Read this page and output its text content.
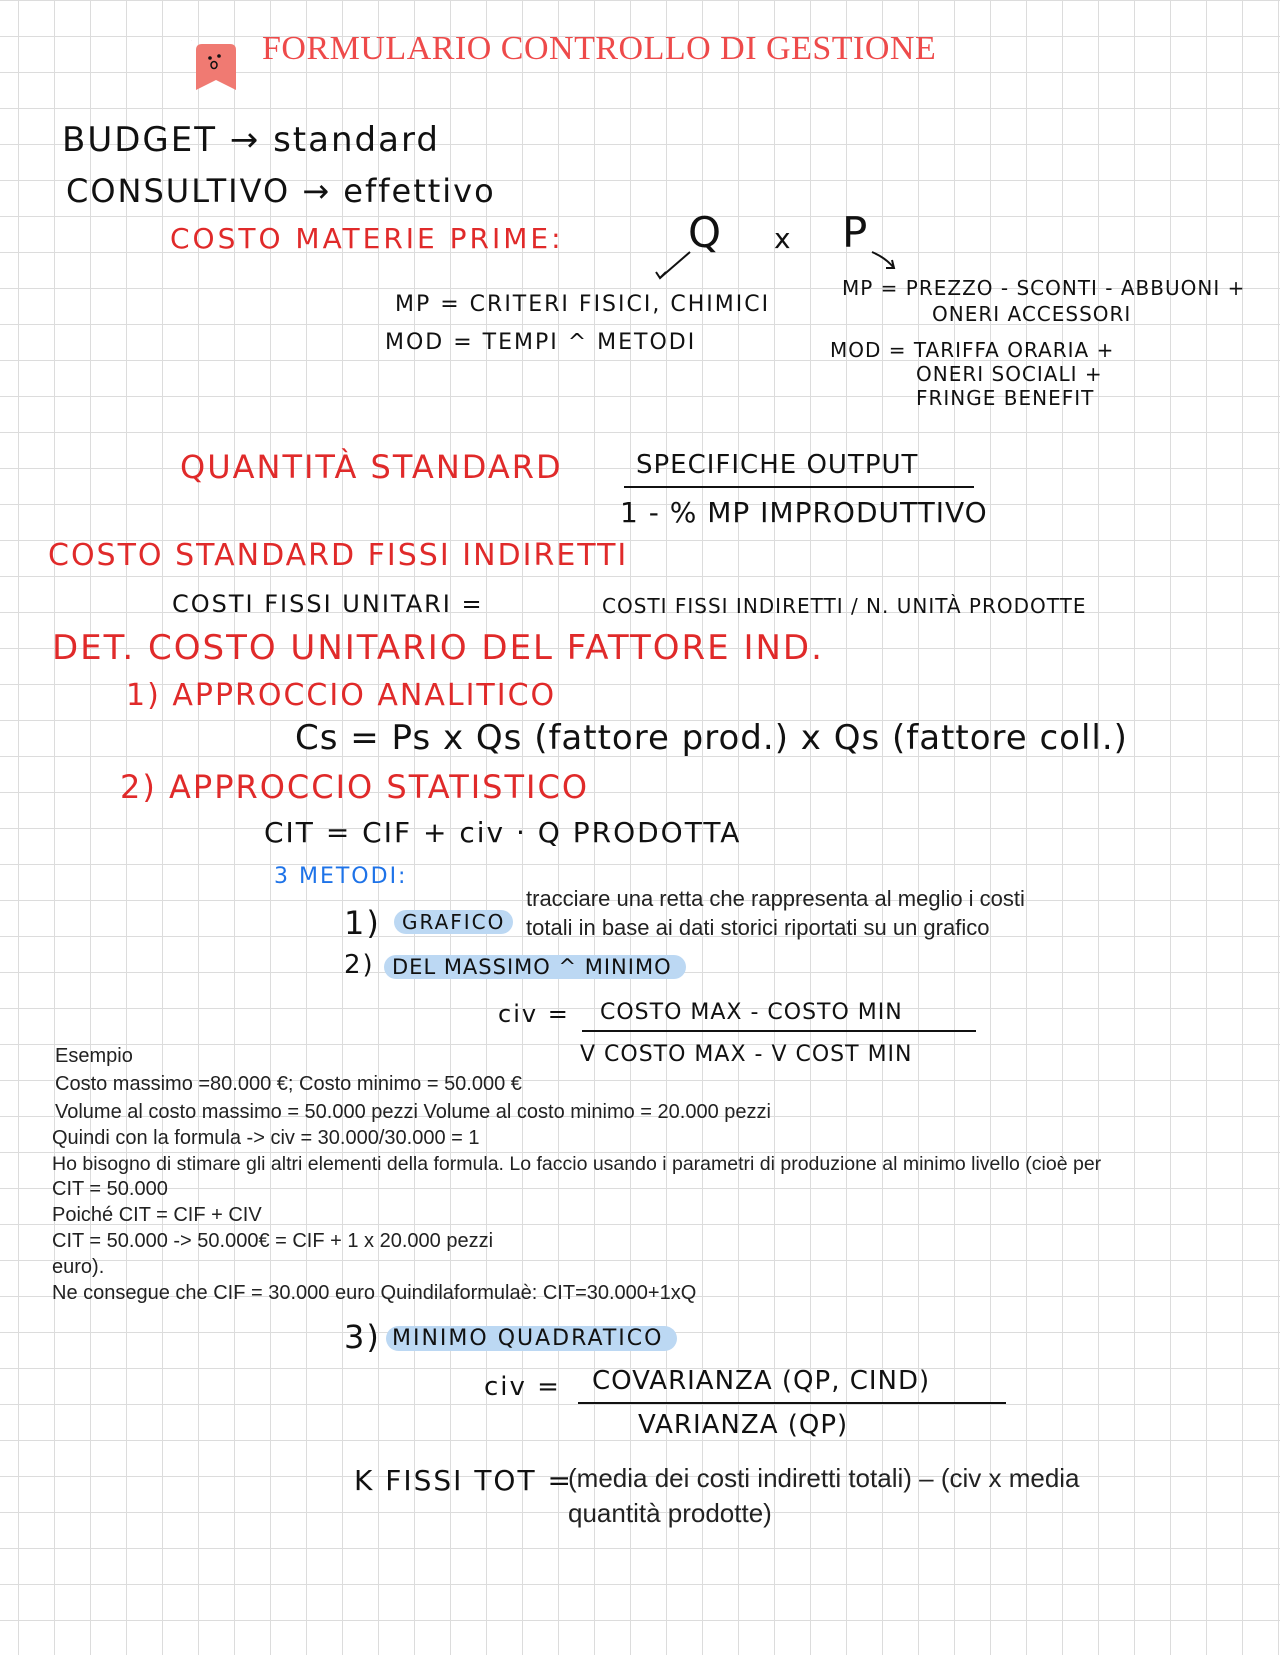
FORMULARIO CONTROLLO DI GESTIONE
BUDGET → standard
CONSULTIVO → effettivo
COSTO MATERIE PRIME:	Q x P
MP = CRITERI FISICI, CHIMICI
MOD = TEMPI ^ METODI
MP = PREZZO - SCONTI - ABBUONI +
ONERI ACCESSORI
MOD = TARIFFA ORARIA +
ONERI SOCIALI +
FRINGE BENEFIT
QUANTITÀ STANDARD	SPECIFICHE OUTPUT
1 - % MP IMPRODUTTIVO
COSTO STANDARD FISSI INDIRETTI
COSTI FISSI UNITARI =	COSTI FISSI INDIRETTI / N. UNITÀ PRODOTTE
DET. COSTO UNITARIO DEL FATTORE IND.
1) APPROCCIO ANALITICO
Cs = Ps x Qs (fattore prod.) x Qs (fattore coll.)
2) APPROCCIO STATISTICO
CIT = CIF + civ · Q PRODOTTA
3 METODI:
1)	GRAFICO
tracciare una retta che rappresenta al meglio i costi
totali in base ai dati storici riportati su un grafico
2) DEL MASSIMO ^ MINIMO
civ = COSTO MAX - COSTO MIN
V COSTO MAX - V COST MIN
Esempio
Costo massimo =80.000 €; Costo minimo = 50.000 €
Volume al costo massimo = 50.000 pezzi Volume al costo minimo = 20.000 pezzi
Quindi con la formula -> civ = 30.000/30.000 = 1
Ho bisogno di stimare gli altri elementi della formula. Lo faccio usando i parametri di produzione al minimo livello (cioè per
CIT = 50.000
Poiché CIT = CIF + CIV
CIT = 50.000 -> 50.000€ = CIF + 1 x 20.000 pezzi
euro).
Ne consegue che CIF = 30.000 euro Quindilaformulaè: CIT=30.000+1xQ
3) MINIMO QUADRATICO
civ = COVARIANZA (QP, CIND)
VARIANZA (QP)
K FISSI TOT =
(media dei costi indiretti totali) – (civ x media
quantità prodotte)
